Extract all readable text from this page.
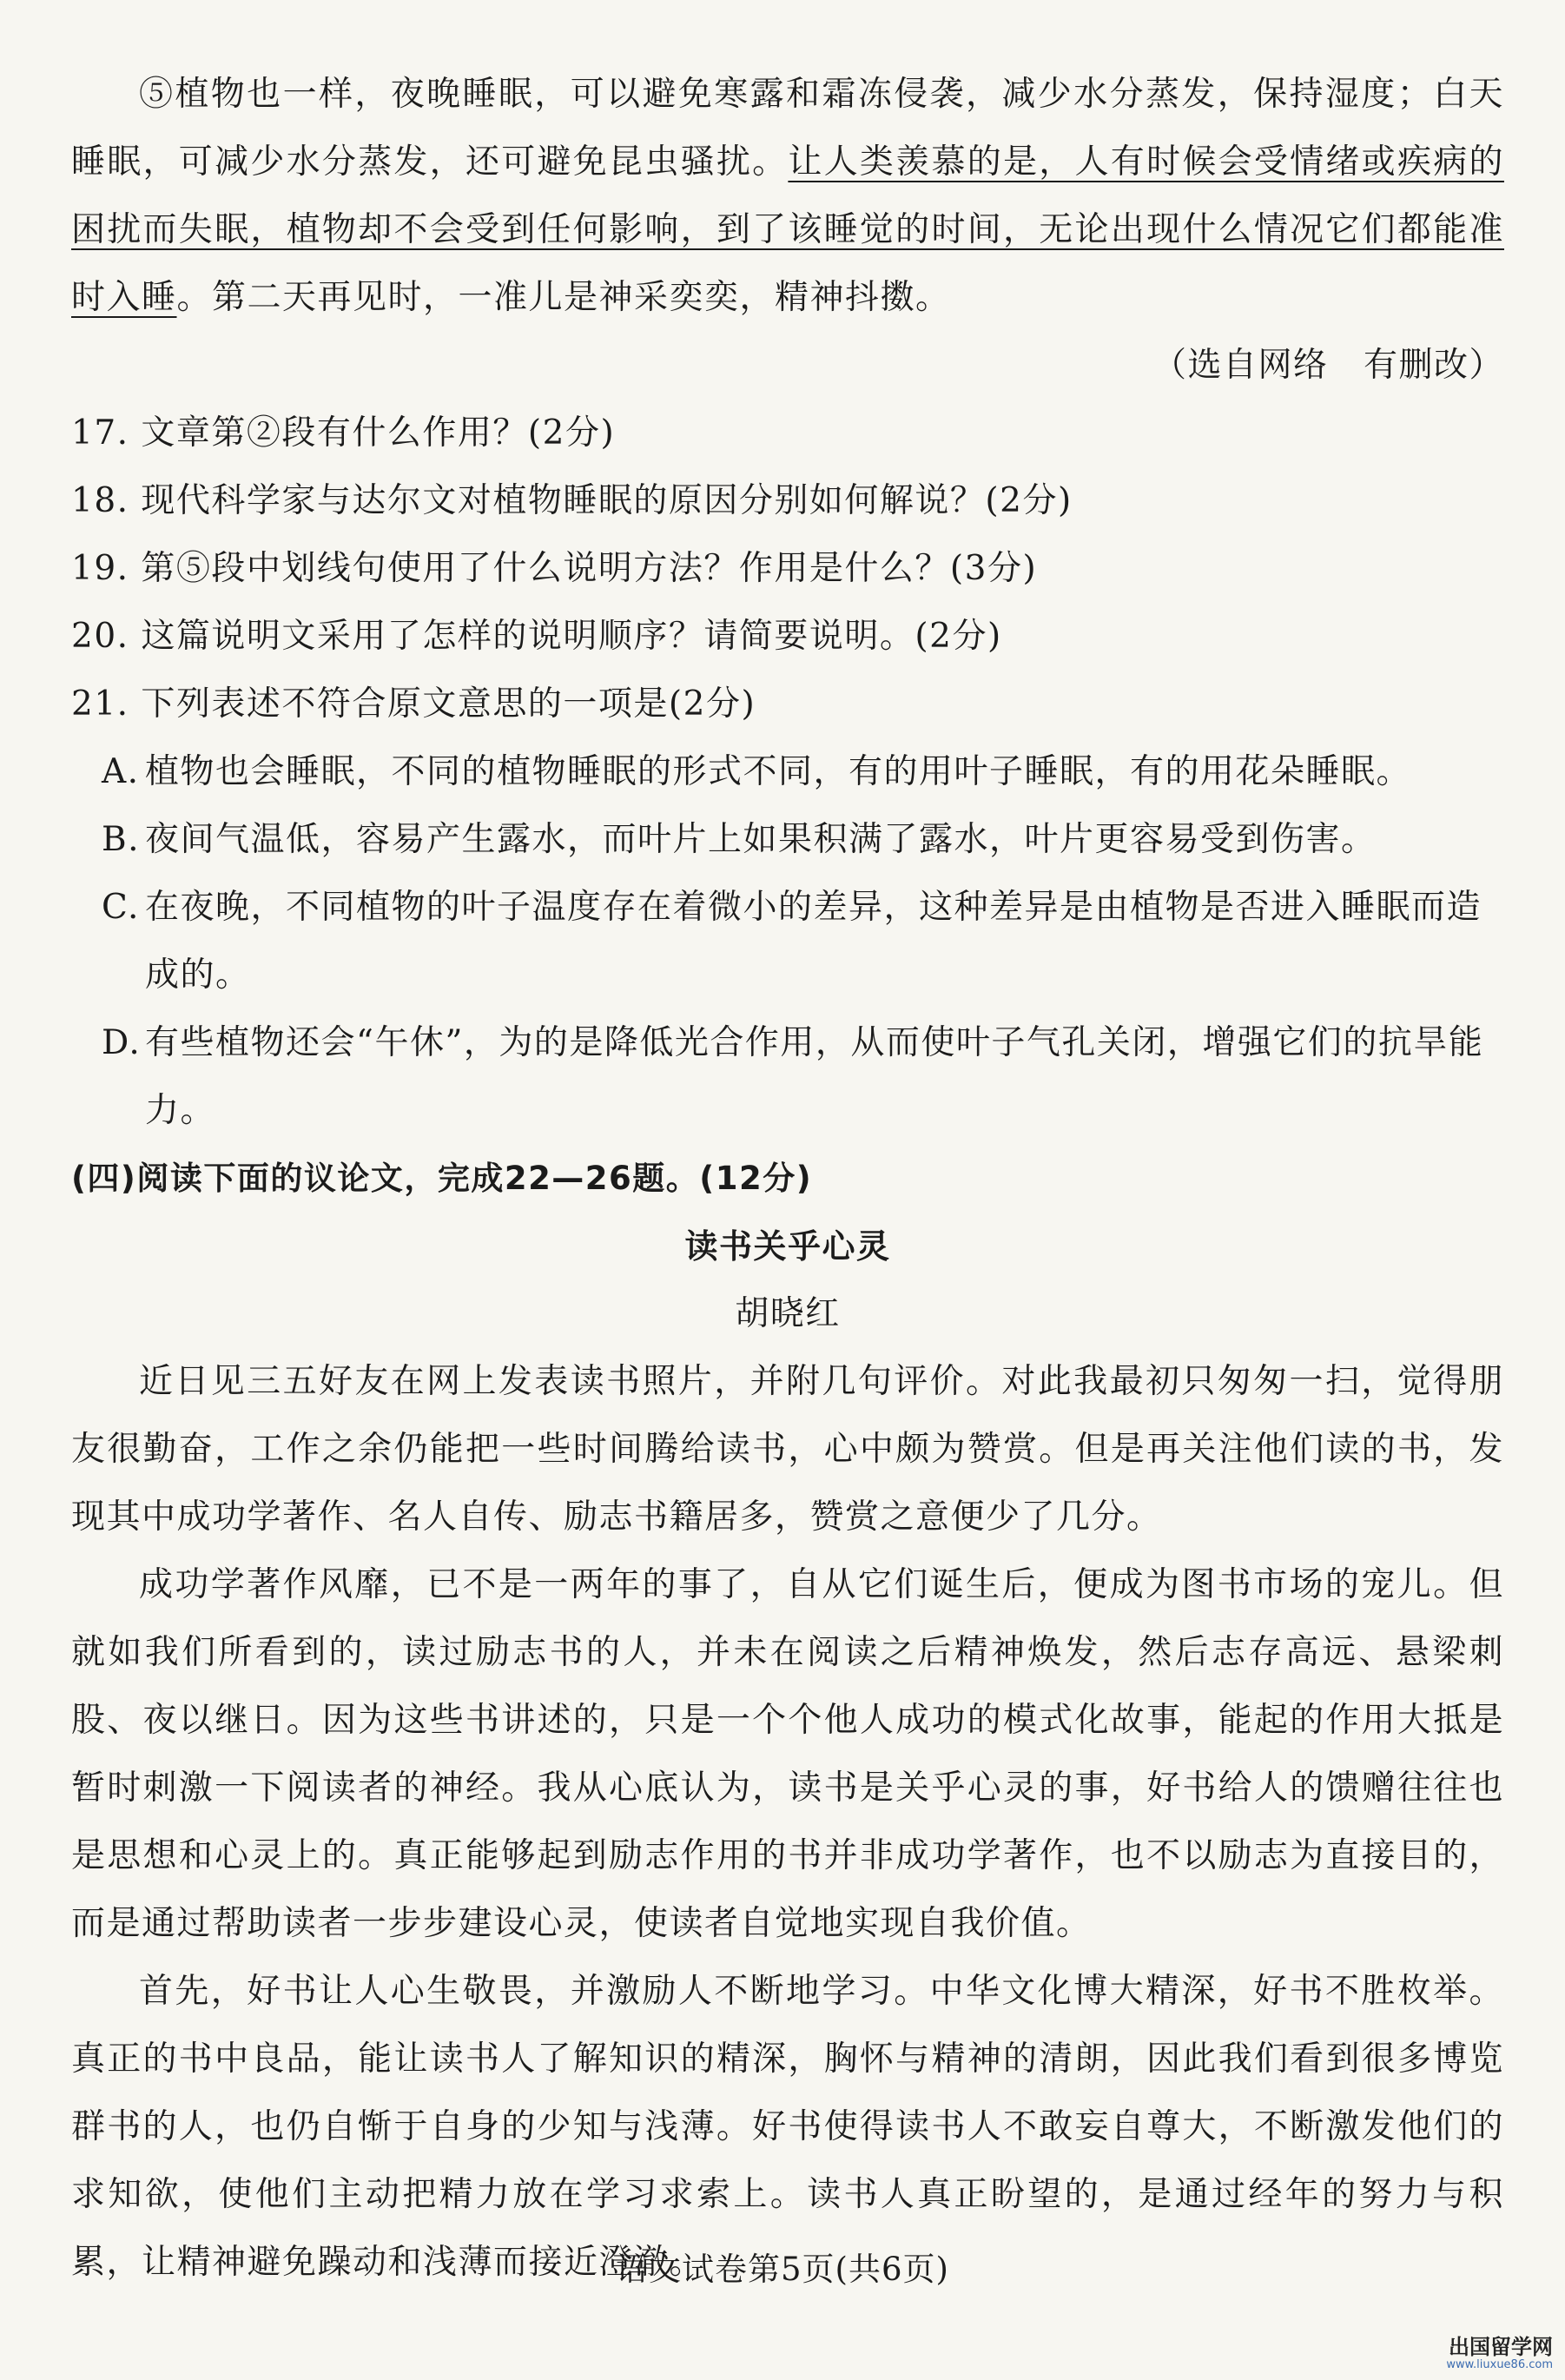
⑤植物也一样，夜晚睡眠，可以避免寒露和霜冻侵袭，减少水分蒸发，保持湿度；白天睡眠，可减少水分蒸发，还可避免昆虫骚扰。让人类羡慕的是，人有时候会受情绪或疾病的困扰而失眠，植物却不会受到任何影响，到了该睡觉的时间，无论出现什么情况它们都能准时入睡。第二天再见时，一准儿是神采奕奕，精神抖擞。

（选自网络　有删改）

17. 文章第②段有什么作用？(2分)

18. 现代科学家与达尔文对植物睡眠的原因分别如何解说？(2分)

19. 第⑤段中划线句使用了什么说明方法？作用是什么？(3分)

20. 这篇说明文采用了怎样的说明顺序？请简要说明。(2分)

21. 下列表述不符合原文意思的一项是(2分)

A. 植物也会睡眠，不同的植物睡眠的形式不同，有的用叶子睡眠，有的用花朵睡眠。

B. 夜间气温低，容易产生露水，而叶片上如果积满了露水，叶片更容易受到伤害。

C. 在夜晚，不同植物的叶子温度存在着微小的差异，这种差异是由植物是否进入睡眠而造成的。

D. 有些植物还会“午休”，为的是降低光合作用，从而使叶子气孔关闭，增强它们的抗旱能力。

(四)阅读下面的议论文，完成22—26题。(12分)

读书关乎心灵

胡晓红

近日见三五好友在网上发表读书照片，并附几句评价。对此我最初只匆匆一扫，觉得朋友很勤奋，工作之余仍能把一些时间腾给读书，心中颇为赞赏。但是再关注他们读的书，发现其中成功学著作、名人自传、励志书籍居多，赞赏之意便少了几分。

成功学著作风靡，已不是一两年的事了，自从它们诞生后，便成为图书市场的宠儿。但就如我们所看到的，读过励志书的人，并未在阅读之后精神焕发，然后志存高远、悬梁刺股、夜以继日。因为这些书讲述的，只是一个个他人成功的模式化故事，能起的作用大抵是暂时刺激一下阅读者的神经。我从心底认为，读书是关乎心灵的事，好书给人的馈赠往往也是思想和心灵上的。真正能够起到励志作用的书并非成功学著作，也不以励志为直接目的，而是通过帮助读者一步步建设心灵，使读者自觉地实现自我价值。

首先，好书让人心生敬畏，并激励人不断地学习。中华文化博大精深，好书不胜枚举。真正的书中良品，能让读书人了解知识的精深，胸怀与精神的清朗，因此我们看到很多博览群书的人，也仍自惭于自身的少知与浅薄。好书使得读书人不敢妄自尊大，不断激发他们的求知欲，使他们主动把精力放在学习求索上。读书人真正盼望的，是通过经年的努力与积累，让精神避免躁动和浅薄而接近澄澈。

语文试卷第5页(共6页)
出国留学网
www.liuxue86.com
